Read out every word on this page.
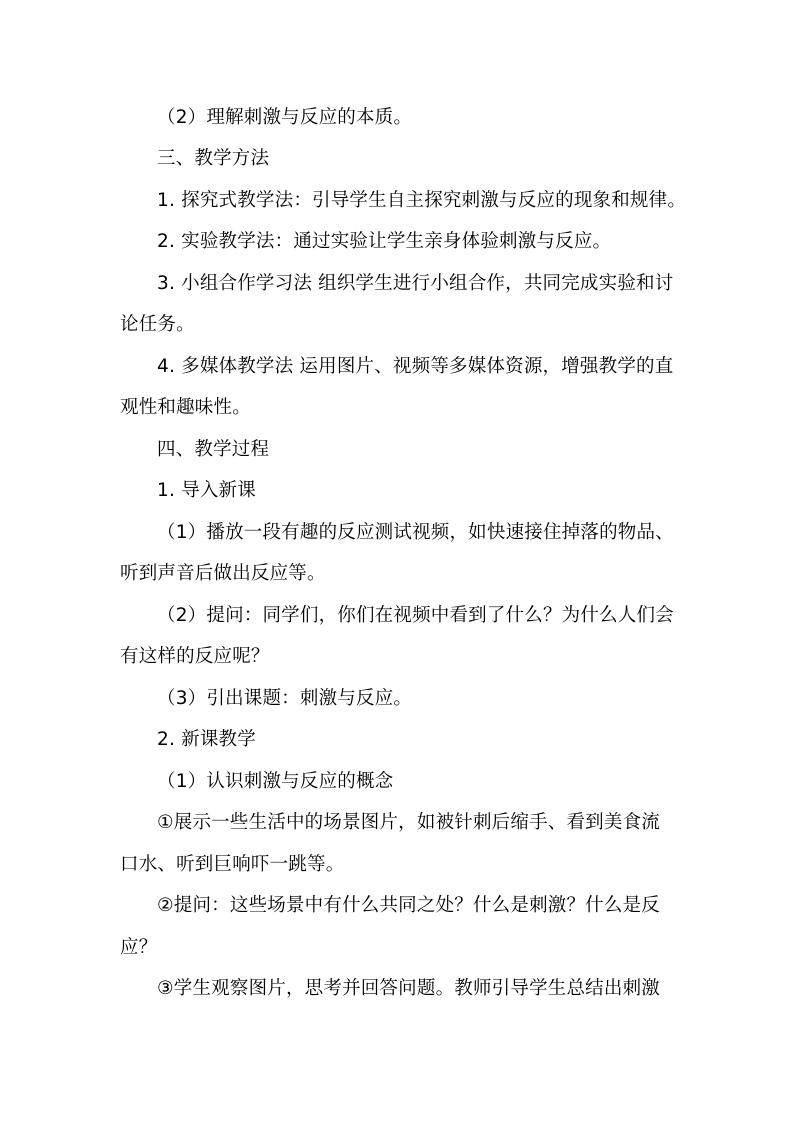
（2）理解刺激与反应的本质。
三、教学方法
1. 探究式教学法：引导学生自主探究刺激与反应的现象和规律。
2. 实验教学法：通过实验让学生亲身体验刺激与反应。
3. 小组合作学习法 组织学生进行小组合作，共同完成实验和讨
论任务。
4. 多媒体教学法 运用图片、视频等多媒体资源，增强教学的直
观性和趣味性。
四、教学过程
1. 导入新课
（1）播放一段有趣的反应测试视频，如快速接住掉落的物品、
听到声音后做出反应等。
（2）提问：同学们，你们在视频中看到了什么？为什么人们会
有这样的反应呢？
（3）引出课题：刺激与反应。
2. 新课教学
（1）认识刺激与反应的概念
①展示一些生活中的场景图片，如被针刺后缩手、看到美食流
口水、听到巨响吓一跳等。
②提问：这些场景中有什么共同之处？什么是刺激？什么是反
应？
③学生观察图片，思考并回答问题。教师引导学生总结出刺激
